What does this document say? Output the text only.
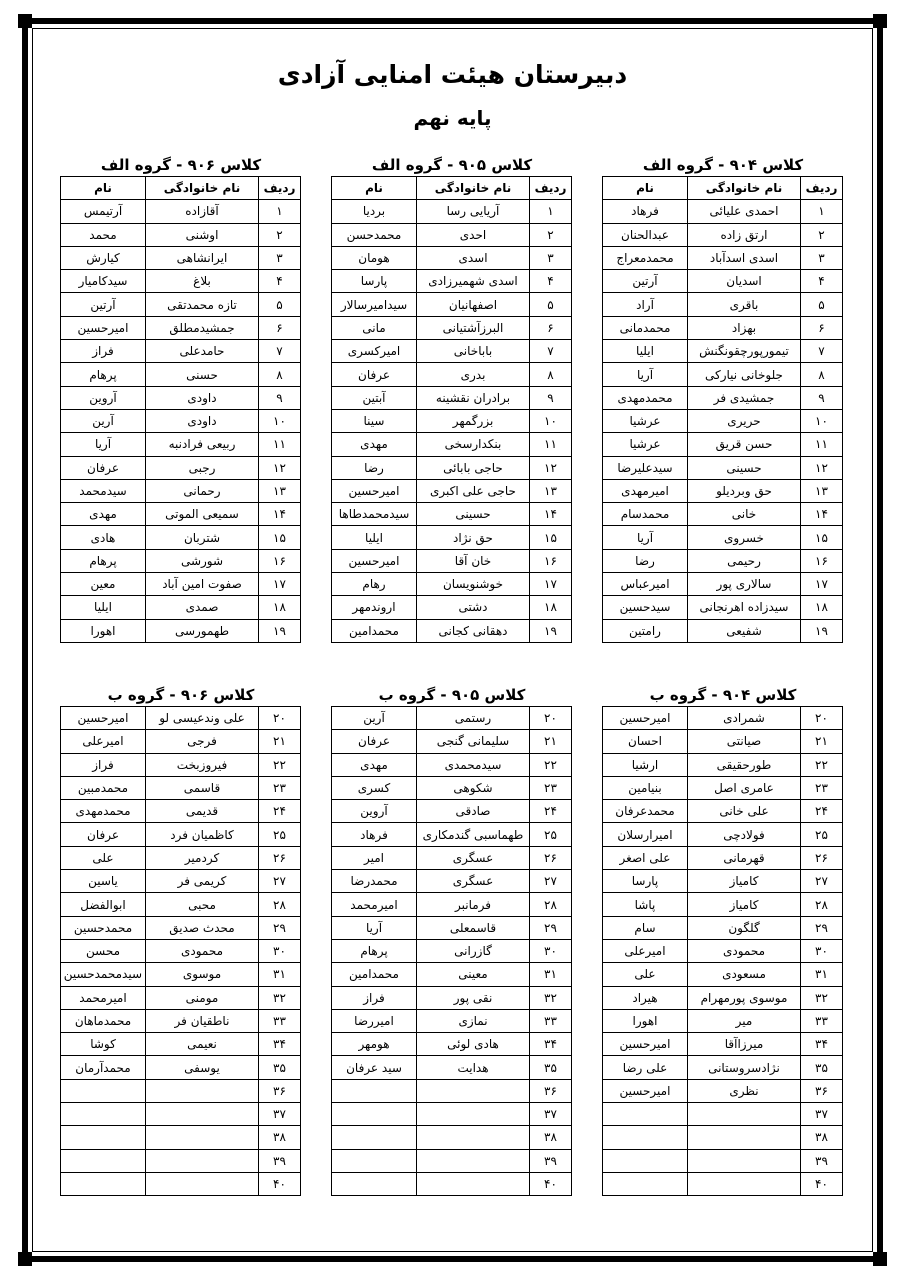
دبیرستان هیئت امنایی آزادی
پایه نهم
کلاس ۹۰۴ - گروه الف
ردیف	نام خانوادگی	نام
۱	احمدی علیائی	فرهاد
۲	ارتق زاده	عبدالحنان
۳	اسدی اسدآباد	محمدمعراج
۴	اسدیان	آرتین
۵	باقری	آراد
۶	بهزاد	محمدمانی
۷	تیمورپورچقونگنش	ایلیا
۸	جلوخانی نیارکی	آریا
۹	جمشیدی فر	محمدمهدی
۱۰	حریری	عرشیا
۱۱	حسن قریق	عرشیا
۱۲	حسینی	سیدعلیرضا
۱۳	حق وبردیلو	امیرمهدی
۱۴	خانی	محمدسام
۱۵	خسروی	آریا
۱۶	رحیمی	رضا
۱۷	سالاری پور	امیرعباس
۱۸	سیدزاده اهرنجانی	سیدحسین
۱۹	شفیعی	رامتین
کلاس ۹۰۵ - گروه الف
ردیف	نام خانوادگی	نام
۱	آریایی رسا	بردیا
۲	احدی	محمدحسن
۳	اسدی	هومان
۴	اسدی شهمیرزادی	پارسا
۵	اصفهانیان	سیدامیرسالار
۶	البرزآشتیانی	مانی
۷	باباخانی	امیرکسری
۸	بدری	عرفان
۹	برادران نقشینه	آبتین
۱۰	بزرگمهر	سینا
۱۱	بنکدارسخی	مهدی
۱۲	حاجی بابائی	رضا
۱۳	حاجی علی اکبری	امیرحسین
۱۴	حسینی	سیدمحمدطاها
۱۵	حق نژاد	ایلیا
۱۶	خان آقا	امیرحسین
۱۷	خوشنویسان	رهام
۱۸	دشتی	اروندمهر
۱۹	دهقانی کجانی	محمدامین
کلاس ۹۰۶ - گروه الف
ردیف	نام خانوادگی	نام
۱	آقازاده	آرتیمس
۲	اوشنی	محمد
۳	ایرانشاهی	کیارش
۴	بلاغ	سیدکامیار
۵	تازه محمدتقی	آرتین
۶	جمشیدمطلق	امیرحسین
۷	حامدعلی	فراز
۸	حسنی	پرهام
۹	داودی	آروین
۱۰	داودی	آرین
۱۱	ربیعی فرادنبه	آریا
۱۲	رجبی	عرفان
۱۳	رحمانی	سیدمحمد
۱۴	سمیعی الموتی	مهدی
۱۵	شتربان	هادی
۱۶	شورشی	پرهام
۱۷	صفوت امین آباد	معین
۱۸	صمدی	ایلیا
۱۹	طهمورسی	اهورا
کلاس ۹۰۴ - گروه ب
۲۰	شمرادی	امیرحسین
۲۱	صیانتی	احسان
۲۲	طورحقیقی	ارشیا
۲۳	عامری اصل	بنیامین
۲۴	علی خانی	محمدعرفان
۲۵	فولادچی	امیرارسلان
۲۶	قهرمانی	علی اصغر
۲۷	کامیاز	پارسا
۲۸	کامیاز	پاشا
۲۹	گلگون	سام
۳۰	محمودی	امیرعلی
۳۱	مسعودی	علی
۳۲	موسوی پورمهرام	هیراد
۳۳	میر	اهورا
۳۴	میرزاآقا	امیرحسین
۳۵	نژادسروستانی	علی رضا
۳۶	نظری	امیرحسین
۳۷		
۳۸		
۳۹		
۴۰		
کلاس ۹۰۵ - گروه ب
۲۰	رستمی	آرین
۲۱	سلیمانی گنجی	عرفان
۲۲	سیدمحمدی	مهدی
۲۳	شکوهی	کسری
۲۴	صادقی	آروین
۲۵	طهماسبی گندمکاری	فرهاد
۲۶	عسگری	امیر
۲۷	عسگری	محمدرضا
۲۸	فرمانبر	امیرمحمد
۲۹	قاسمعلی	آریا
۳۰	گازرانی	پرهام
۳۱	معینی	محمدامین
۳۲	نقی پور	فراز
۳۳	نمازی	امیررضا
۳۴	هادی لوئی	هومهر
۳۵	هدایت	سید عرفان
۳۶		
۳۷		
۳۸		
۳۹		
۴۰		
کلاس ۹۰۶ - گروه ب
۲۰	علی وندعیسی لو	امیرحسین
۲۱	فرجی	امیرعلی
۲۲	فیروزبخت	فراز
۲۳	قاسمی	محمدمبین
۲۴	قدیمی	محمدمهدی
۲۵	کاظمیان فرد	عرفان
۲۶	کردمیر	علی
۲۷	کریمی فر	یاسین
۲۸	محبی	ابوالفضل
۲۹	محدث صدیق	محمدحسین
۳۰	محمودی	محسن
۳۱	موسوی	سیدمحمدحسین
۳۲	مومنی	امیرمحمد
۳۳	ناطقیان فر	محمدماهان
۳۴	نعیمی	کوشا
۳۵	یوسفی	محمدآرمان
۳۶		
۳۷		
۳۸		
۳۹		
۴۰		
